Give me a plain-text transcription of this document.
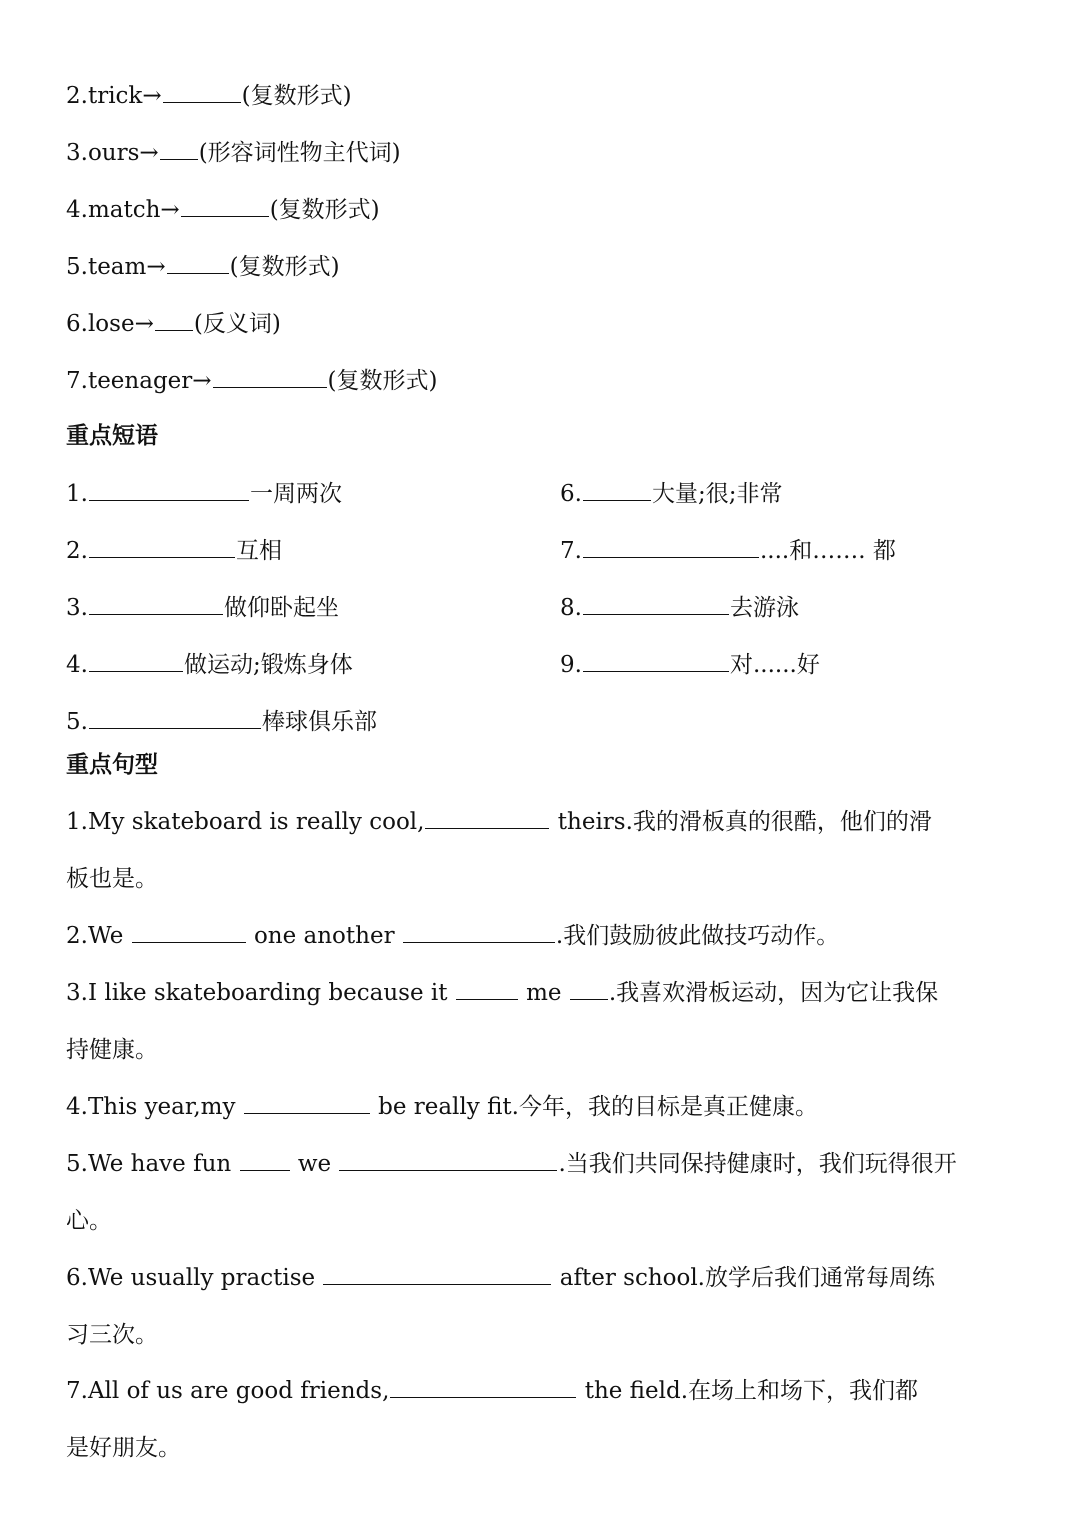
2.trick→	(复数形式)
3.ours→ (形容词性物主代词)
4.match→	(复数形式)
5.team→	(复数形式)
6.lose→ (反义词)
7.teenager→	(复数形式)
重点短语
1.	一周两次
2.	互相
3.	做仰卧起坐
4.	做运动;锻炼身体
5.	棒球俱乐部
6.	大量;很;非常
7.	....和……. 都
8.	去游泳
9.	对......好
重点句型
1.My skateboard is really cool,	theirs.我的滑板真的很酷，他们的滑
板也是。
2.We	one another	.我们鼓励彼此做技巧动作。
3.I like skateboarding because it	me .我喜欢滑板运动，因为它让我保
持健康。
4.This year,my	be really fit.今年，我的目标是真正健康。
5.We have fun	we	.当我们共同保持健康时，我们玩得很开
心。
6.We usually practise	after school.放学后我们通常每周练
习三次。
7.All of us are good friends,	the field.在场上和场下，我们都
是好朋友。
